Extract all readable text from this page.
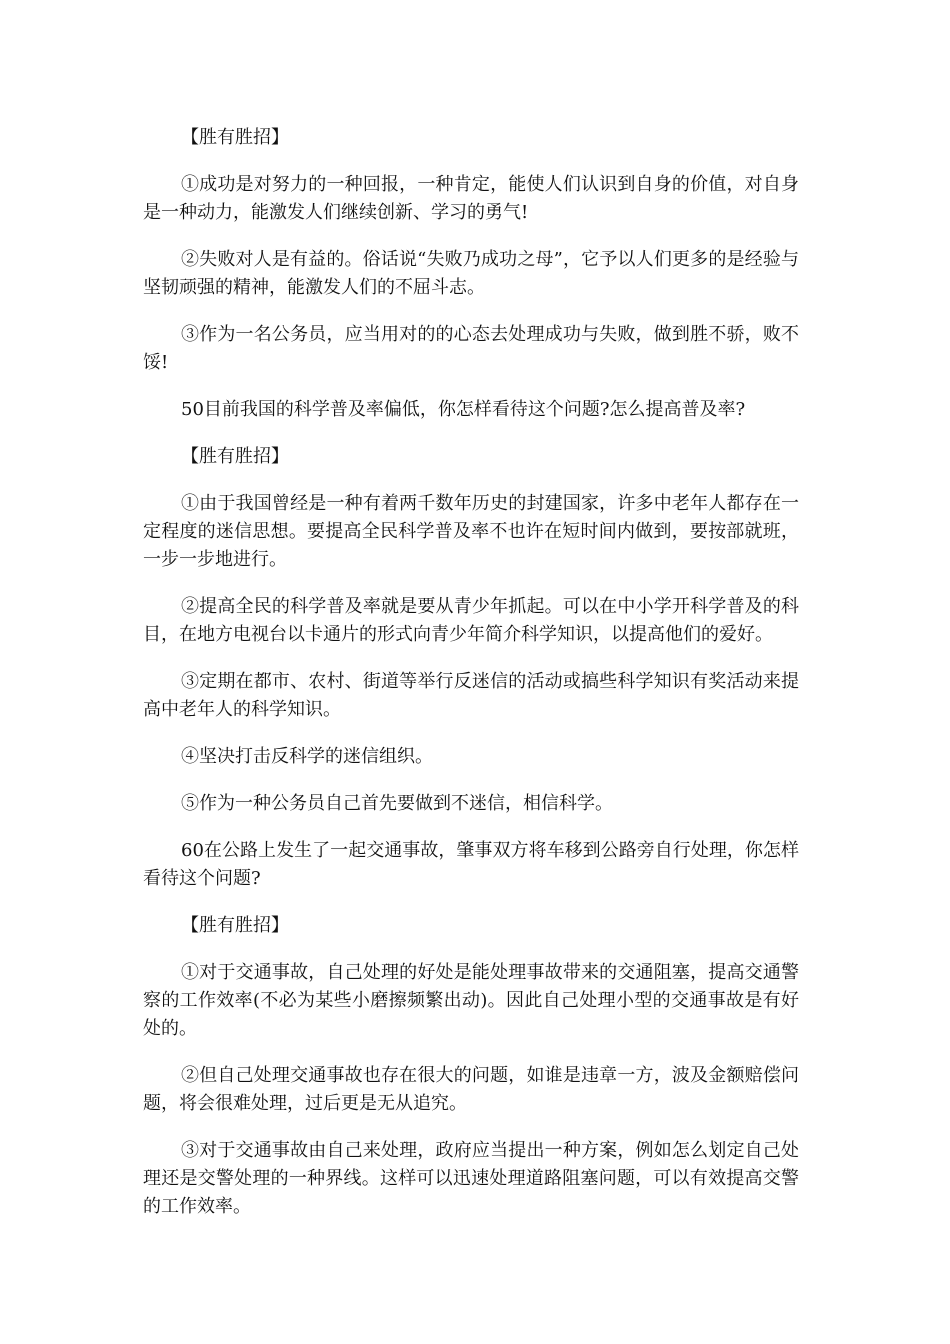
【胜有胜招】

①成功是对努力的一种回报，一种肯定，能使人们认识到自身的价值，对自身是一种动力，能激发人们继续创新、学习的勇气!

②失败对人是有益的。俗话说“失败乃成功之母”，它予以人们更多的是经验与坚韧顽强的精神，能激发人们的不屈斗志。

③作为一名公务员，应当用对的的心态去处理成功与失败，做到胜不骄，败不馁!

50目前我国的科学普及率偏低，你怎样看待这个问题?怎么提高普及率?

【胜有胜招】

①由于我国曾经是一种有着两千数年历史的封建国家，许多中老年人都存在一定程度的迷信思想。要提高全民科学普及率不也许在短时间内做到，要按部就班，一步一步地进行。

②提高全民的科学普及率就是要从青少年抓起。可以在中小学开科学普及的科目，在地方电视台以卡通片的形式向青少年简介科学知识，以提高他们的爱好。

③定期在都市、农村、街道等举行反迷信的活动或搞些科学知识有奖活动来提高中老年人的科学知识。

④坚决打击反科学的迷信组织。

⑤作为一种公务员自己首先要做到不迷信，相信科学。

60在公路上发生了一起交通事故，肇事双方将车移到公路旁自行处理，你怎样看待这个问题?

【胜有胜招】

①对于交通事故，自己处理的好处是能处理事故带来的交通阻塞，提高交通警察的工作效率(不必为某些小磨擦频繁出动)。因此自己处理小型的交通事故是有好处的。

②但自己处理交通事故也存在很大的问题，如谁是违章一方，波及金额赔偿问题，将会很难处理，过后更是无从追究。

③对于交通事故由自己来处理，政府应当提出一种方案，例如怎么划定自己处理还是交警处理的一种界线。这样可以迅速处理道路阻塞问题，可以有效提高交警的工作效率。
